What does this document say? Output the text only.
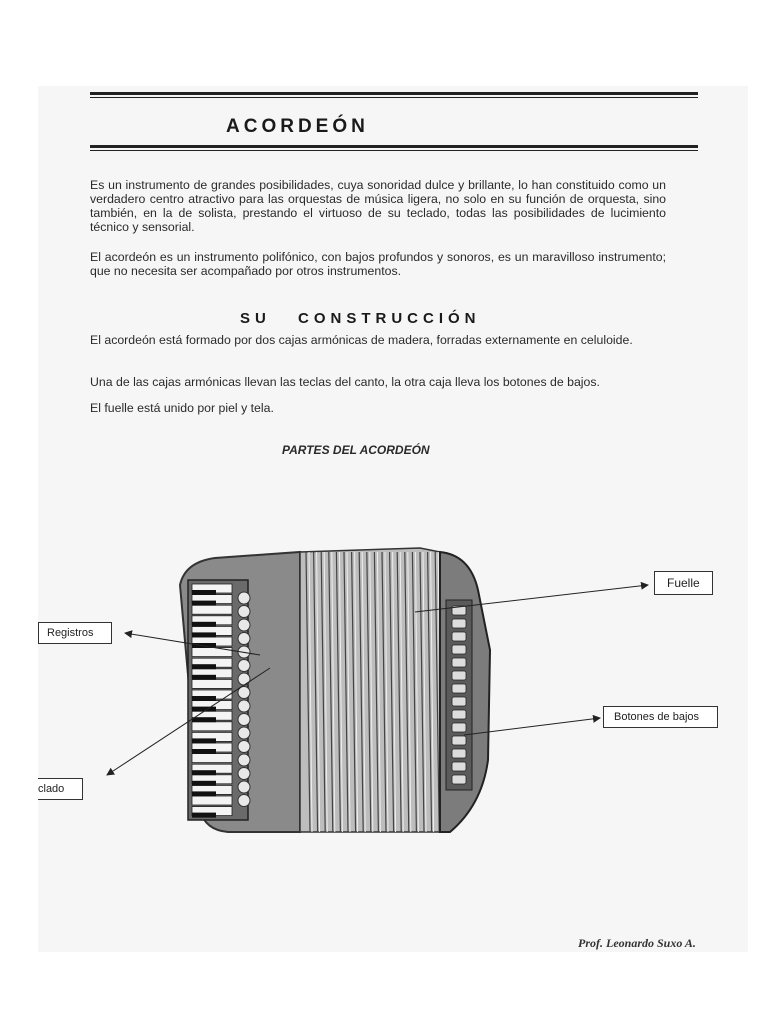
ACORDEÓN
Es un instrumento de grandes posibilidades, cuya sonoridad dulce y brillante, lo han constituido como un verdadero centro atractivo para las orquestas de música ligera, no solo en su función de orquesta, sino también, en la de solista, prestando el virtuoso de su teclado, todas las posibilidades de lucimiento técnico y sensorial.
El acordeón es un instrumento polifónico, con bajos profundos y sonoros, es un maravilloso instrumento; que no necesita ser acompañado por otros instrumentos.
SU CONSTRUCCIÓN
El acordeón está formado por dos cajas armónicas de madera, forradas externamente en celuloide.
Una de las cajas armónicas llevan las teclas del canto, la otra caja lleva los botones de bajos.
El fuelle está unido por piel y tela.
PARTES DEL ACORDEÓN
Fuelle
Registros
Botones de bajos
clado
Prof. Leonardo Suxo A.
